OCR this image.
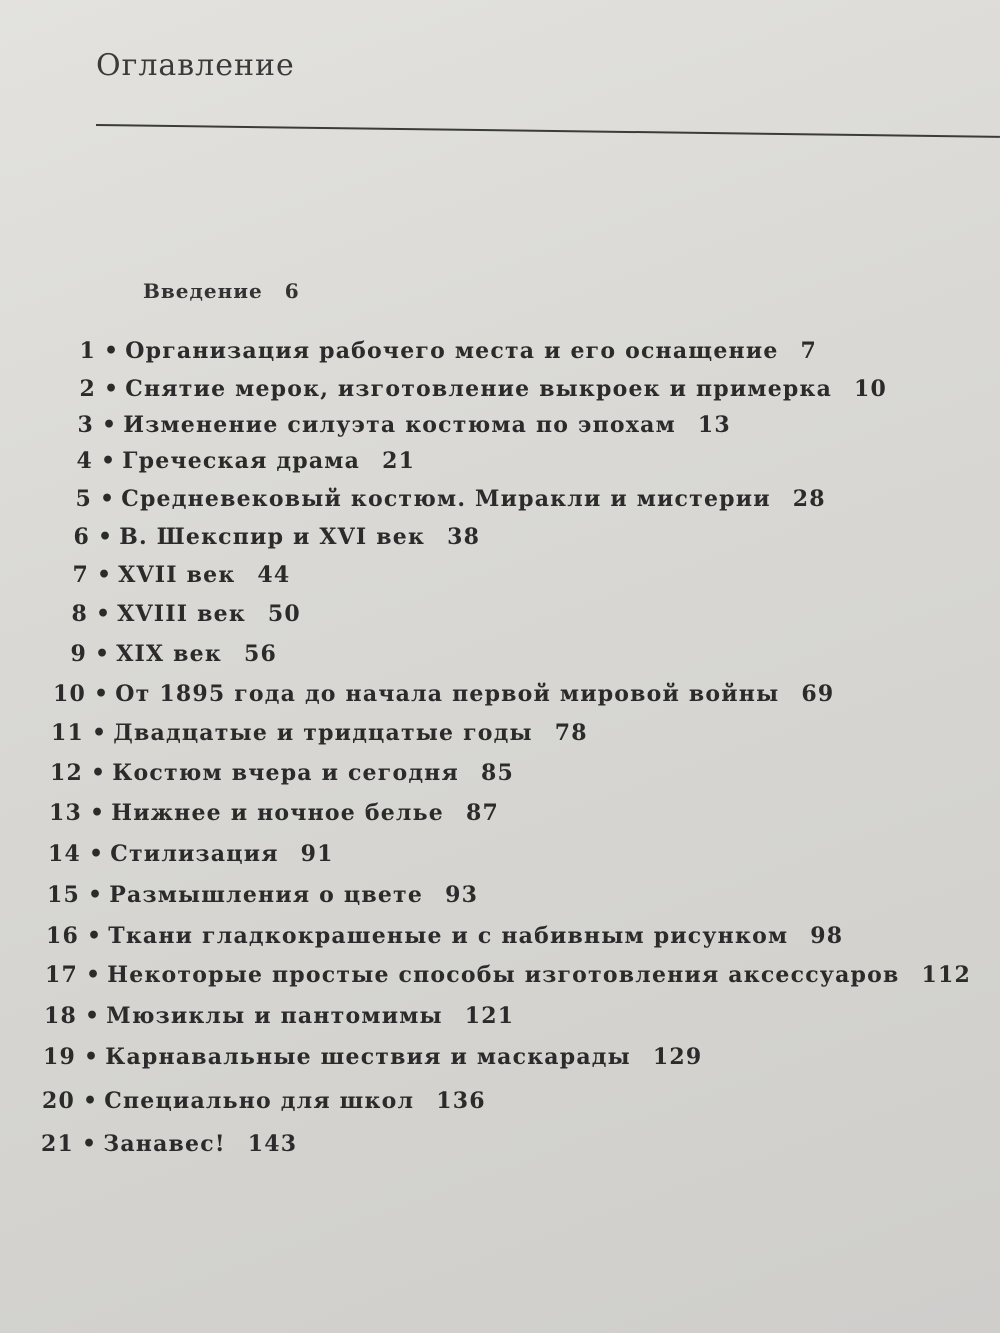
Оглавление
Введение 6
1 • Организация рабочего места и его оснащение 7
2 • Снятие мерок, изготовление выкроек и примерка 10
3 • Изменение силуэта костюма по эпохам 13
4 • Греческая драма 21
5 • Средневековый костюм. Миракли и мистерии 28
6 • В. Шекспир и XVI век 38
7 • XVII век 44
8 • XVIII век 50
9 • XIX век 56
10 • От 1895 года до начала первой мировой войны 69
11 • Двадцатые и тридцатые годы 78
12 • Костюм вчера и сегодня 85
13 • Нижнее и ночное белье 87
14 • Стилизация 91
15 • Размышления о цвете 93
16 • Ткани гладкокрашеные и с набивным рисунком 98
17 • Некоторые простые способы изготовления аксессуаров 112
18 • Мюзиклы и пантомимы 121
19 • Карнавальные шествия и маскарады 129
20 • Специально для школ 136
21 • Занавес! 143
